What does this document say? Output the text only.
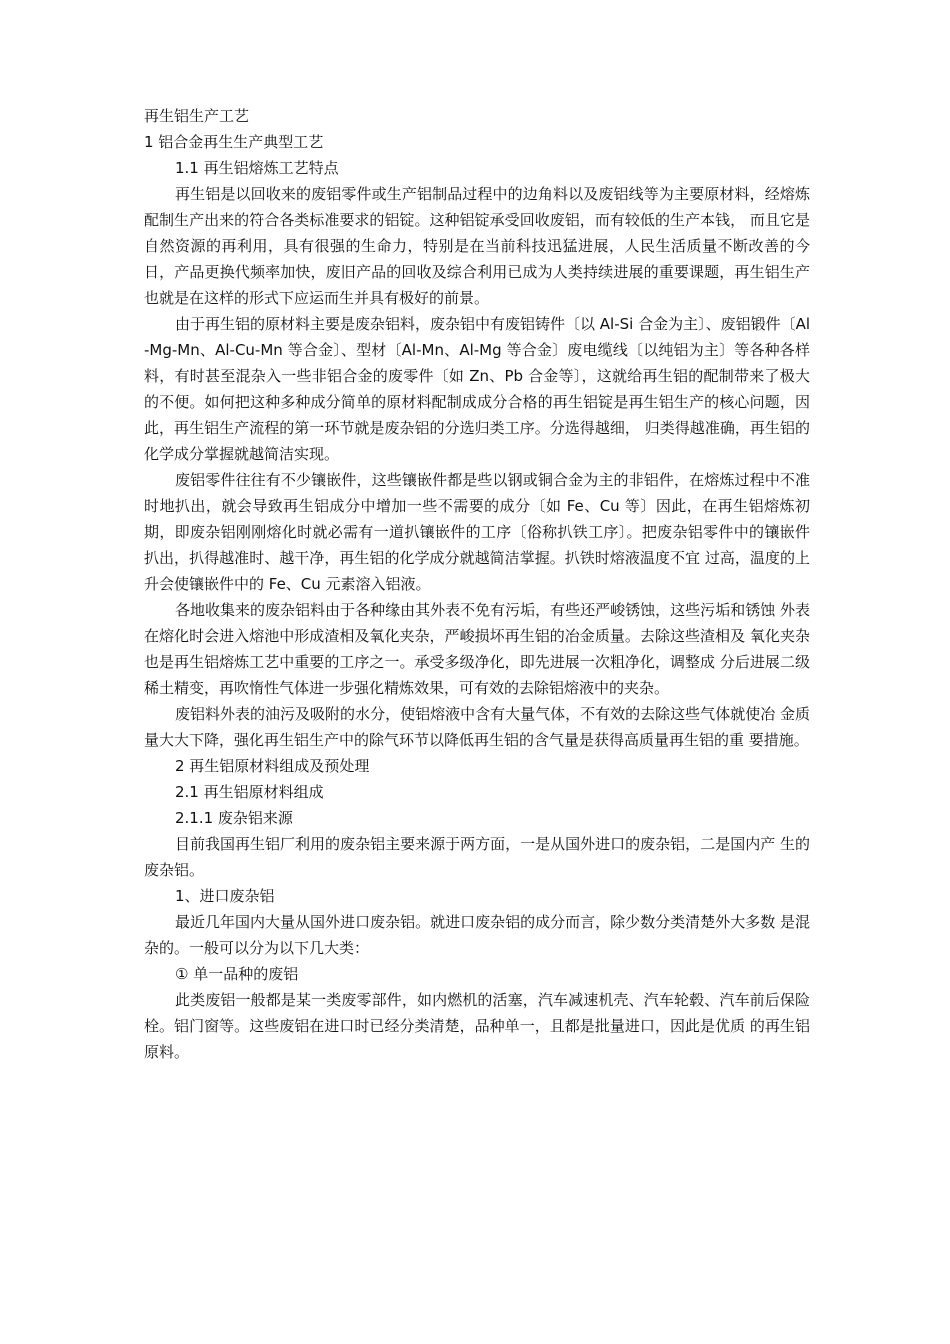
再生铝生产工艺

1 铝合金再生生产典型工艺

1.1 再生铝熔炼工艺特点

再生铝是以回收来的废铝零件或生产铝制品过程中的边角料以及废铝线等为主要原材料，经熔炼配制生产出来的符合各类标准要求的铝锭。这种铝锭承受回收废铝，而有较低的生产本钱， 而且它是自然资源的再利用，具有很强的生命力，特别是在当前科技迅猛进展，人民生活质量不断改善的今日，产品更换代频率加快，废旧产品的回收及综合利用已成为人类持续进展的重要课题，再生铝生产也就是在这样的形式下应运而生并具有极好的前景。

由于再生铝的原材料主要是废杂铝料，废杂铝中有废铝铸件〔以 Al-Si 合金为主〕、废铝锻件〔Al-Mg-Mn、Al-Cu-Mn 等合金〕、型材〔Al-Mn、Al-Mg 等合金〕废电缆线〔以纯铝为主〕等各种各样料，有时甚至混杂入一些非铝合金的废零件〔如 Zn、Pb 合金等〕，这就给再生铝的配制带来了极大的不便。如何把这种多种成分简单的原材料配制成成分合格的再生铝锭是再生铝生产的核心问题，因此，再生铝生产流程的第一环节就是废杂铝的分选归类工序。分选得越细， 归类得越准确，再生铝的化学成分掌握就越简洁实现。

废铝零件往往有不少镶嵌件，这些镶嵌件都是些以钢或铜合金为主的非铝件，在熔炼过程中不准时地扒出，就会导致再生铝成分中增加一些不需要的成分〔如 Fe、Cu 等〕因此，在再生铝熔炼初期，即废杂铝刚刚熔化时就必需有一道扒镶嵌件的工序〔俗称扒铁工序〕。把废杂铝零件中的镶嵌件扒出，扒得越准时、越干净，再生铝的化学成分就越简洁掌握。扒铁时熔液温度不宜 过高，温度的上升会使镶嵌件中的 Fe、Cu 元素溶入铝液。

各地收集来的废杂铝料由于各种缘由其外表不免有污垢，有些还严峻锈蚀，这些污垢和锈蚀 外表在熔化时会进入熔池中形成渣相及氧化夹杂，严峻损坏再生铝的冶金质量。去除这些渣相及 氧化夹杂也是再生铝熔炼工艺中重要的工序之一。承受多级净化，即先进展一次粗净化，调整成 分后进展二级稀土精变，再吹惰性气体进一步强化精炼效果，可有效的去除铝熔液中的夹杂。

废铝料外表的油污及吸附的水分，使铝熔液中含有大量气体，不有效的去除这些气体就使冶 金质量大大下降，强化再生铝生产中的除气环节以降低再生铝的含气量是获得高质量再生铝的重 要措施。

2 再生铝原材料组成及预处理

2.1 再生铝原材料组成

2.1.1 废杂铝来源

目前我国再生铝厂利用的废杂铝主要来源于两方面，一是从国外进口的废杂铝，二是国内产 生的废杂铝。

1、进口废杂铝

最近几年国内大量从国外进口废杂铝。就进口废杂铝的成分而言，除少数分类清楚外大多数 是混杂的。一般可以分为以下几大类：

① 单一品种的废铝

此类废铝一般都是某一类废零部件，如内燃机的活塞，汽车减速机壳、汽车轮毂、汽车前后保险栓。铝门窗等。这些废铝在进口时已经分类清楚，品种单一，且都是批量进口，因此是优质 的再生铝原料。
